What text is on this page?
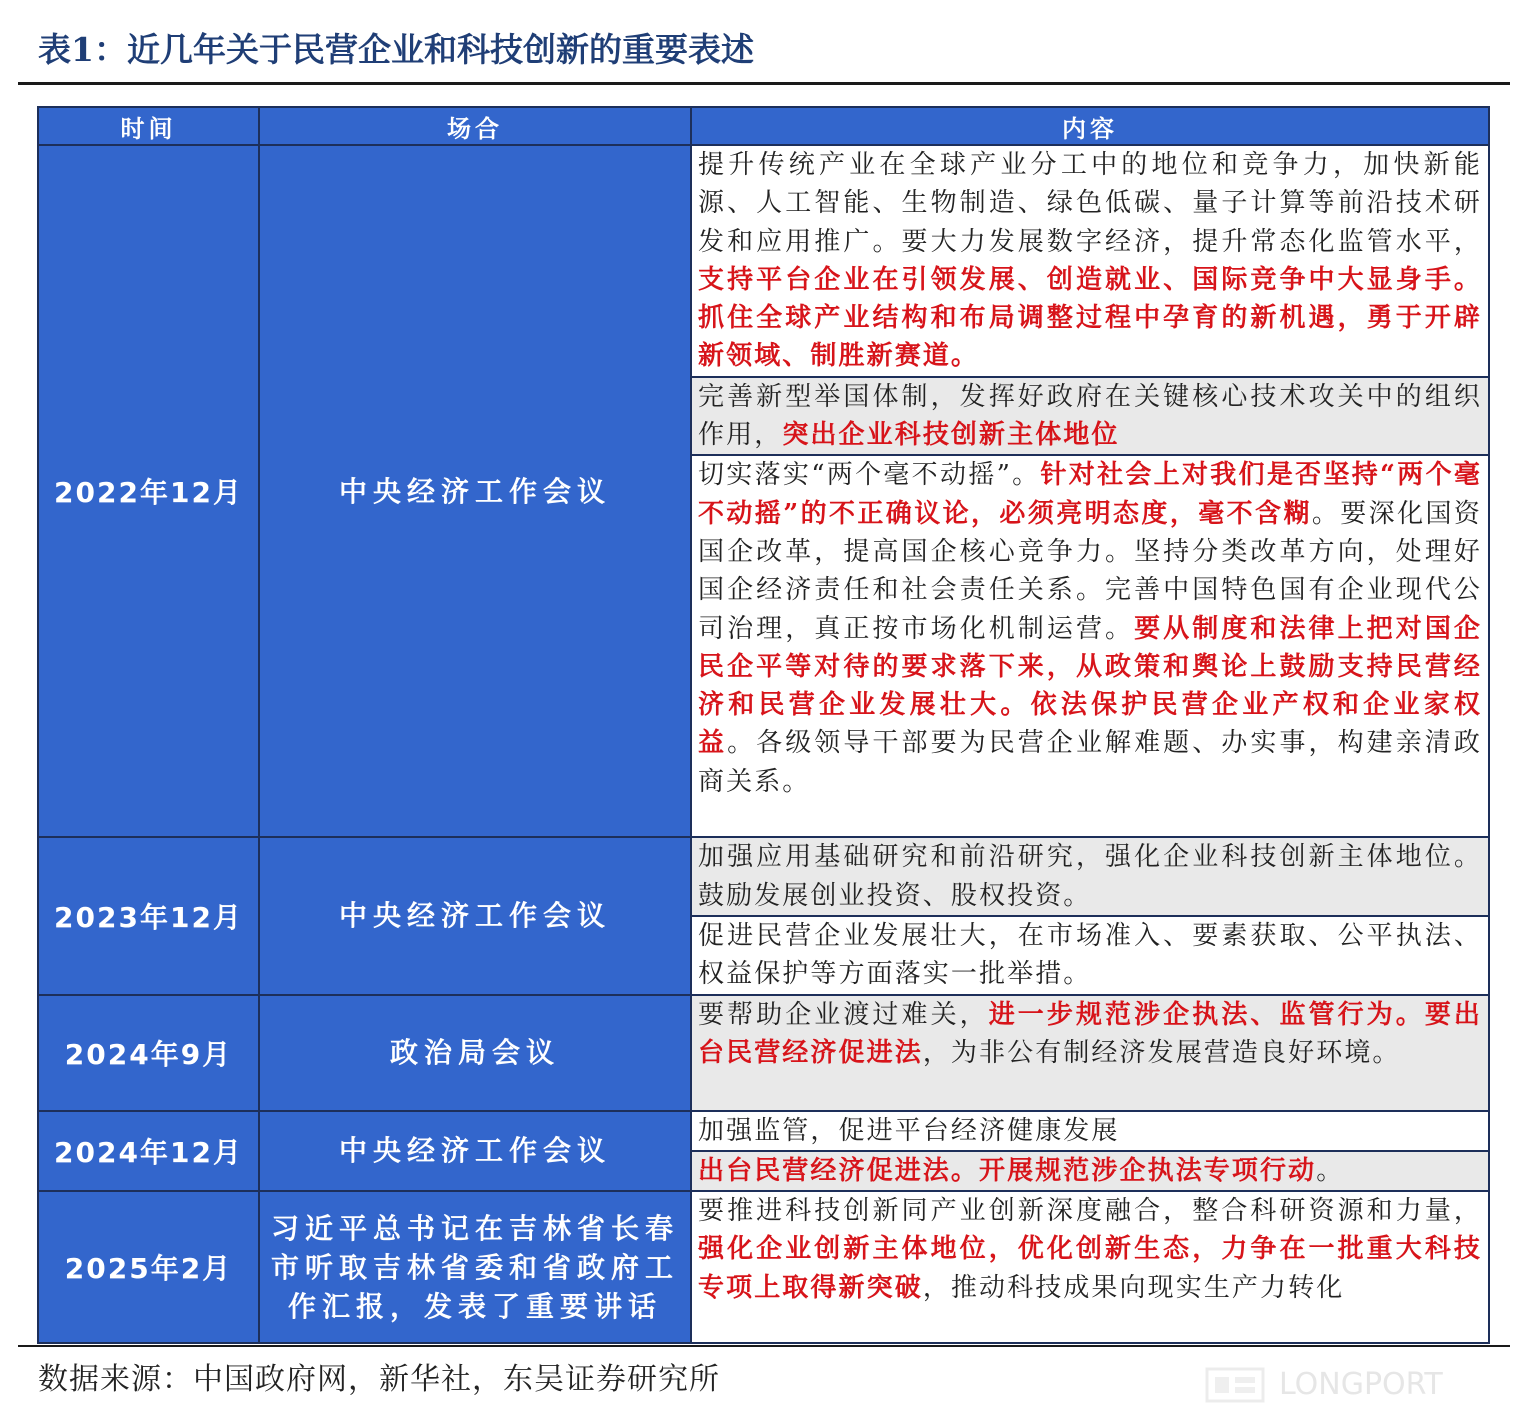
表1：近几年关于民营企业和科技创新的重要表述
时间	场合	内容
2022年12月	中央经济工作会议	提升传统产业在全球产业分工中的地位和竞争力，加快新能源、人工智能、生物制造、绿色低碳、量子计算等前沿技术研发和应用推广。要大力发展数字经济，提升常态化监管水平，支持平台企业在引领发展、创造就业、国际竞争中大显身手。抓住全球产业结构和布局调整过程中孕育的新机遇，勇于开辟新领域、制胜新赛道。
		完善新型举国体制，发挥好政府在关键核心技术攻关中的组织作用，突出企业科技创新主体地位
		切实落实“两个毫不动摇”。针对社会上对我们是否坚持“两个毫不动摇”的不正确议论，必须亮明态度，毫不含糊。要深化国资国企改革，提高国企核心竞争力。坚持分类改革方向，处理好国企经济责任和社会责任关系。完善中国特色国有企业现代公司治理，真正按市场化机制运营。要从制度和法律上把对国企民企平等对待的要求落下来，从政策和舆论上鼓励支持民营经济和民营企业发展壮大。依法保护民营企业产权和企业家权益。各级领导干部要为民营企业解难题、办实事，构建亲清政商关系。
2023年12月	中央经济工作会议	加强应用基础研究和前沿研究，强化企业科技创新主体地位。鼓励发展创业投资、股权投资。
		促进民营企业发展壮大，在市场准入、要素获取、公平执法、权益保护等方面落实一批举措。
2024年9月	政治局会议	要帮助企业渡过难关，进一步规范涉企执法、监管行为。要出台民营经济促进法，为非公有制经济发展营造良好环境。
2024年12月	中央经济工作会议	加强监管，促进平台经济健康发展
		出台民营经济促进法。开展规范涉企执法专项行动。
2025年2月	习近平总书记在吉林省长春市听取吉林省委和省政府工作汇报，发表了重要讲话	要推进科技创新同产业创新深度融合，整合科研资源和力量，强化企业创新主体地位，优化创新生态，力争在一批重大科技专项上取得新突破，推动科技成果向现实生产力转化
数据来源：中国政府网，新华社，东吴证券研究所	LONGPORT
